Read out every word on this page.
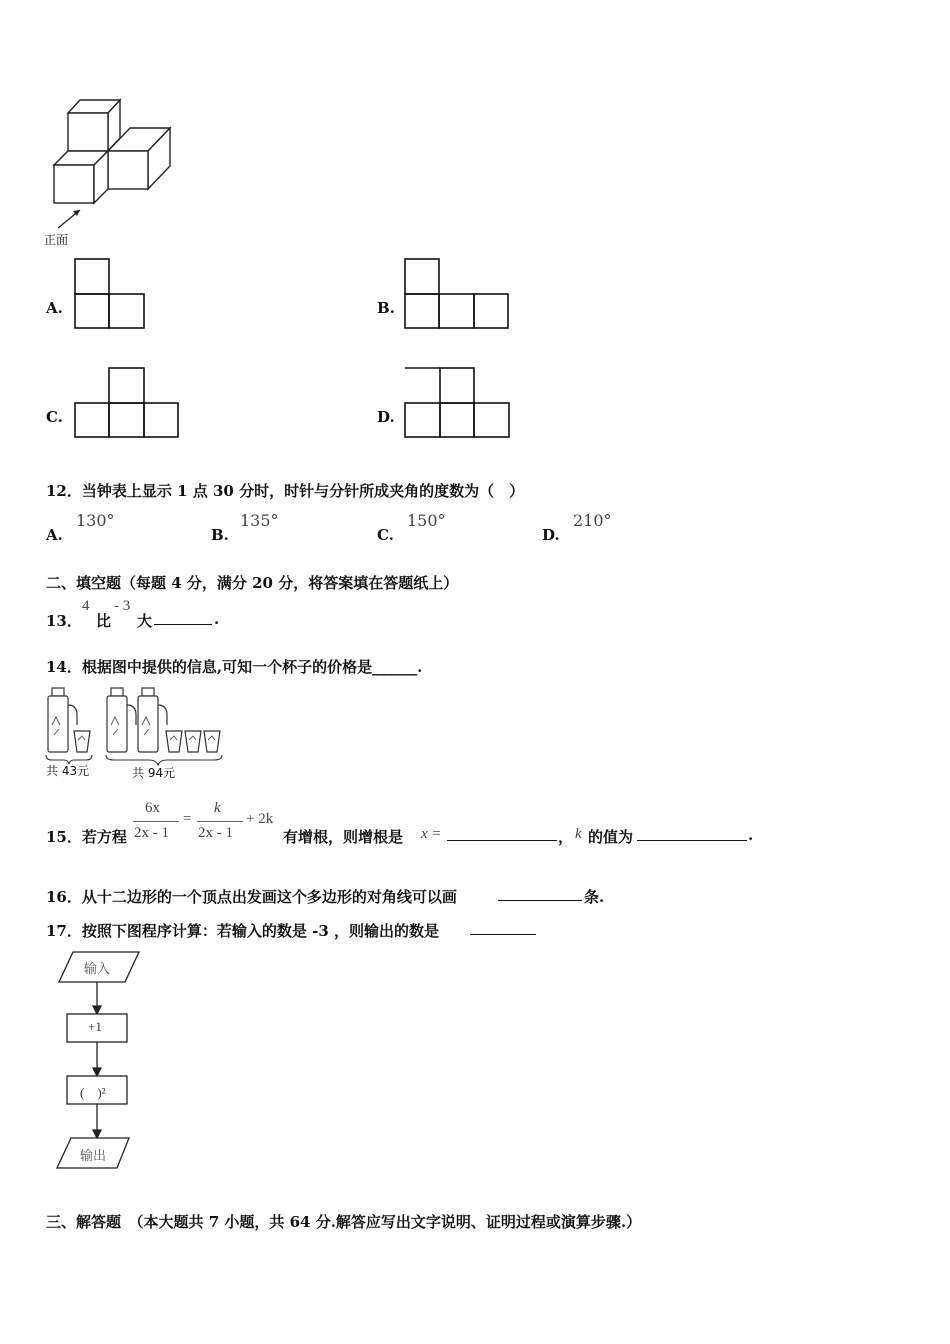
正面
A.	B.
C.	D.
12．当钟表上显示 1 点 30 分时，时针与分针所成夹角的度数为（　）
A.
130°
B.
135°
C.
150°
D.
210°
二、填空题（每题 4 分，满分 20 分，将答案填在答题纸上）
13．
4
比
- 3
大	.
14．根据图中提供的信息,可知一个杯子的价格是______.
共 43元	共 94元
15．若方程
6x
2x - 1
=
k
2x - 1
+ 2k
有增根，则增根是 x =	， k 的值为	.
16．从十二边形的一个顶点出发画这个多边形的对角线可以画	条.
17．按照下图程序计算：若输入的数是 -3 ，则输出的数是
输入
+1
(　)²
输出
三、解答题　（本大题共 7 小题，共 64 分.解答应写出文字说明、证明过程或演算步骤.）
